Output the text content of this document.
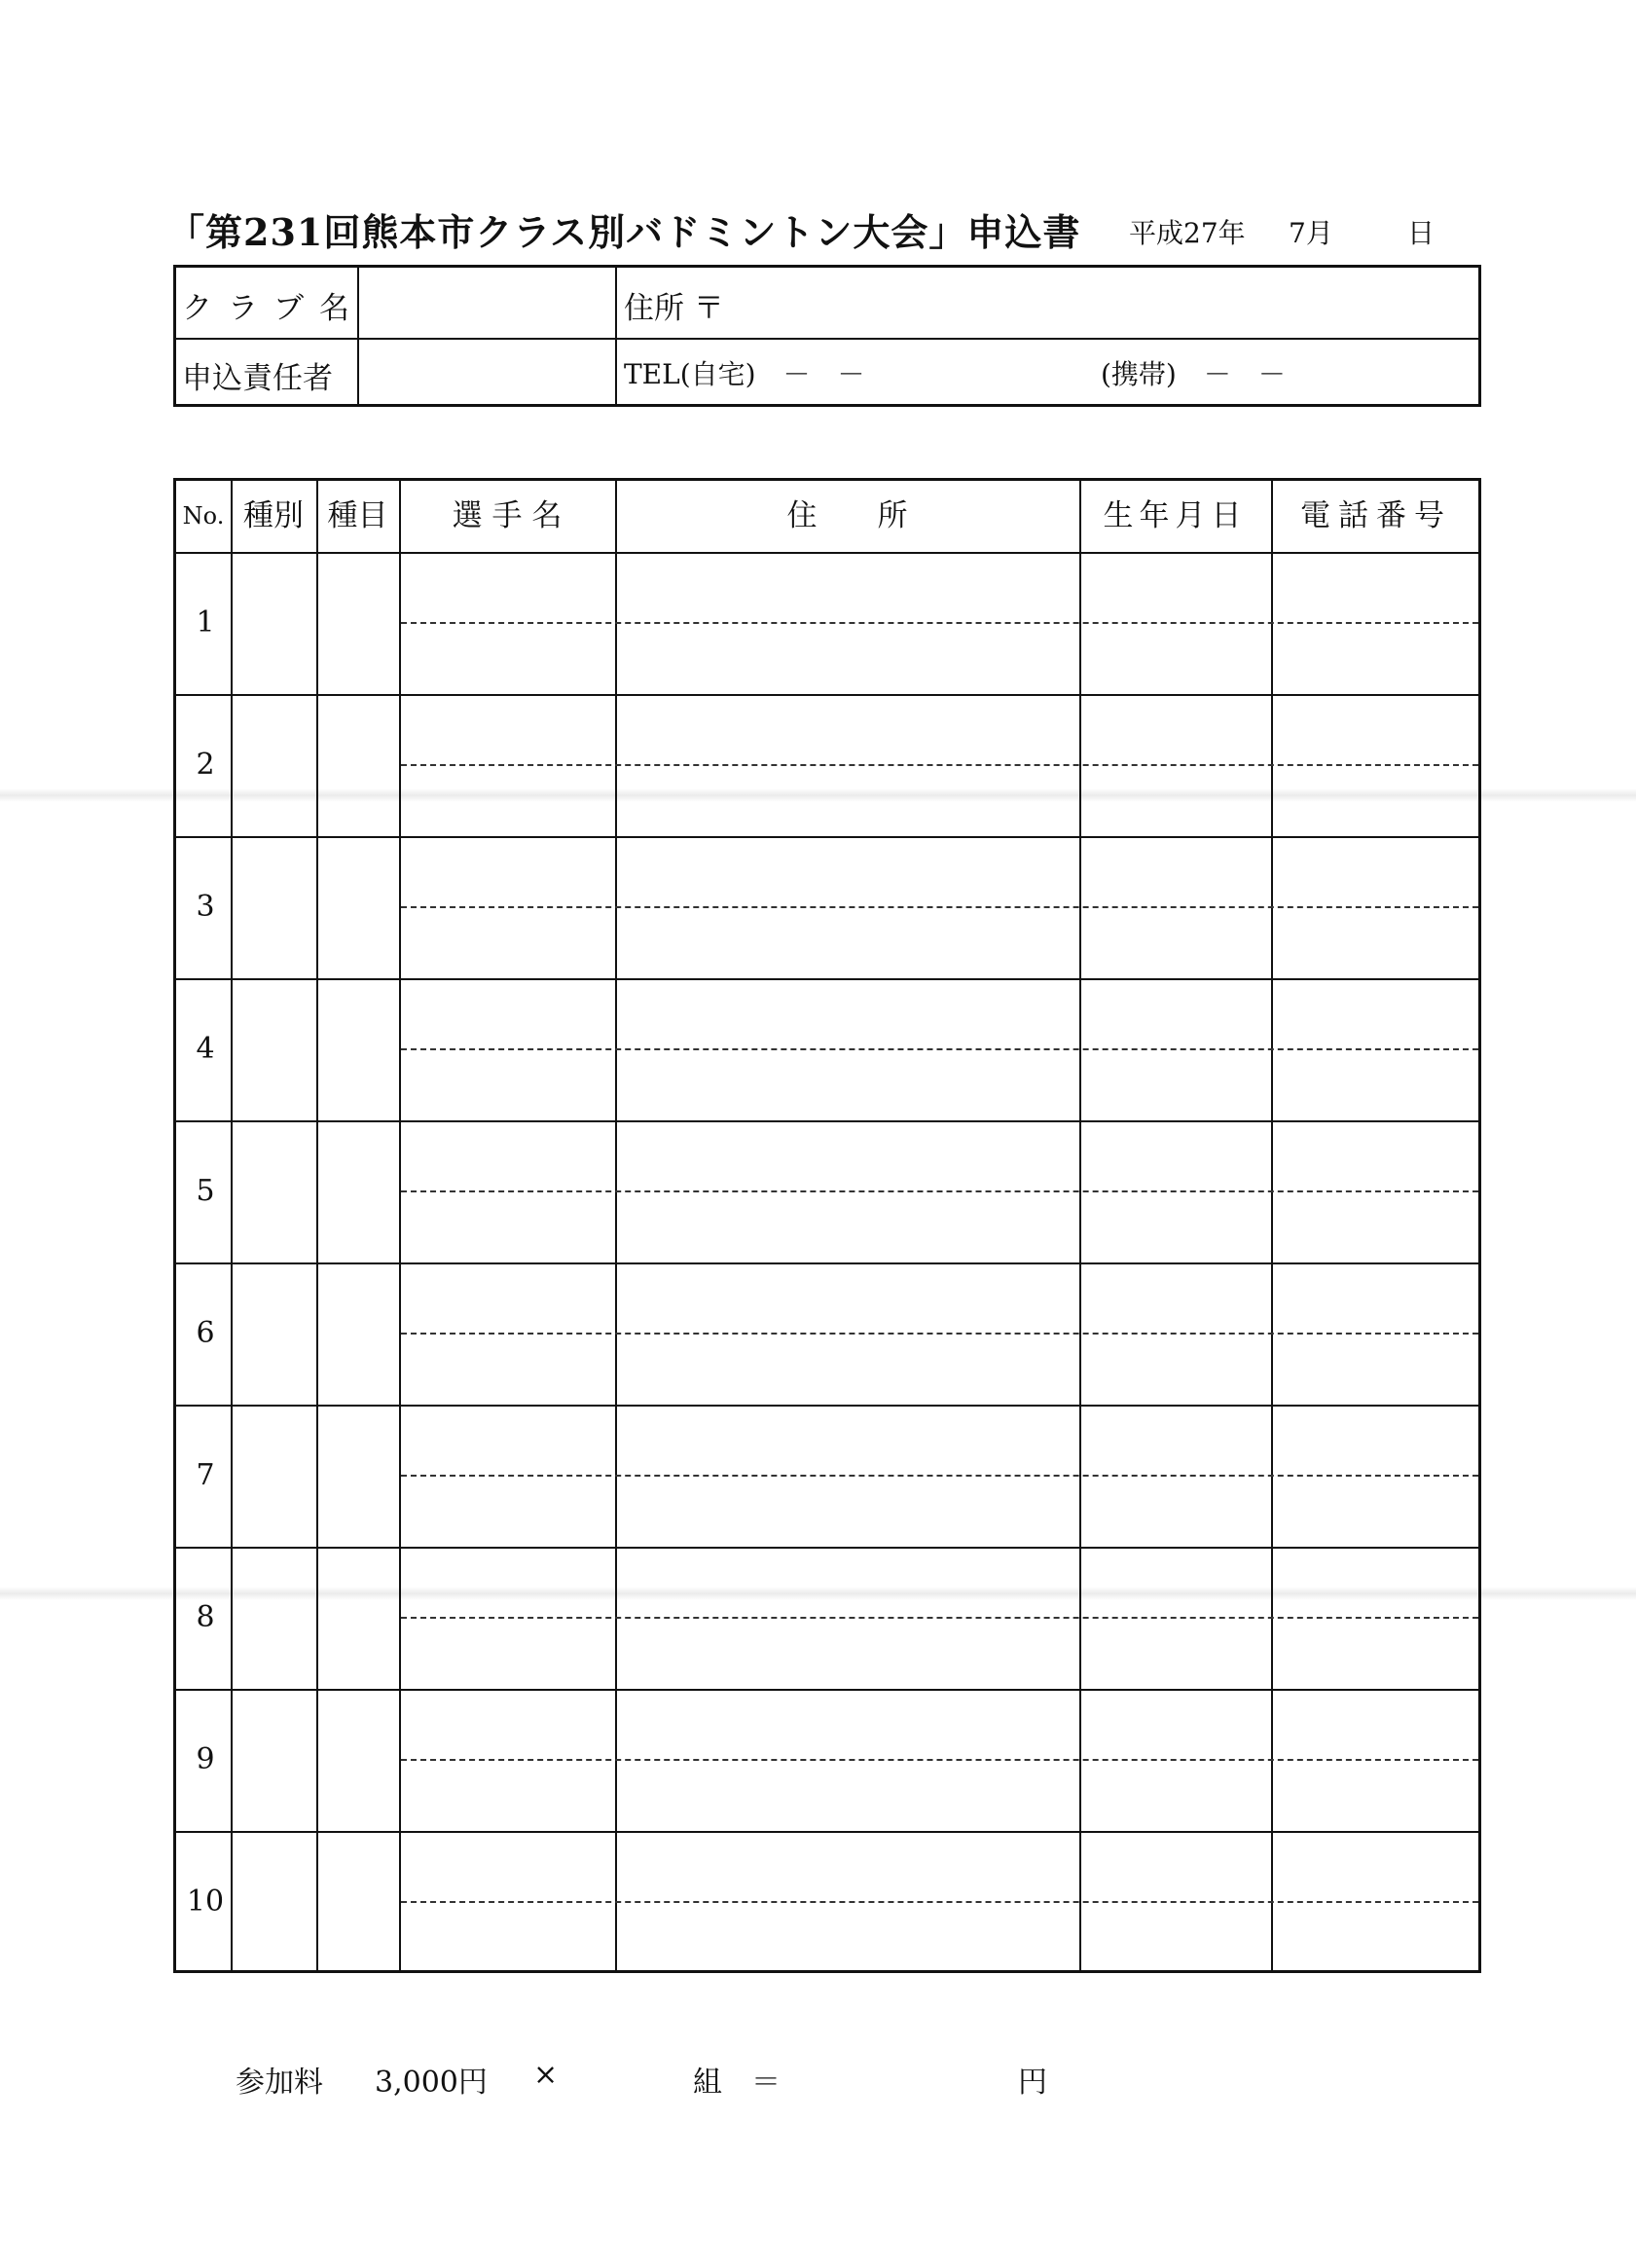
「第231回熊本市クラス別バドミントン大会」申込書 平成27年 7月	日
クラブ名	住所 〒
申込責任者	TEL(自宅)　－　－	(携帯)　－　－
No. 種別 種目	選 手 名	住　　所	生年月日	電話番号
1
2
3
4
5
6
7
8
9
10
参加料 3,000円 ×	組 ＝	円
